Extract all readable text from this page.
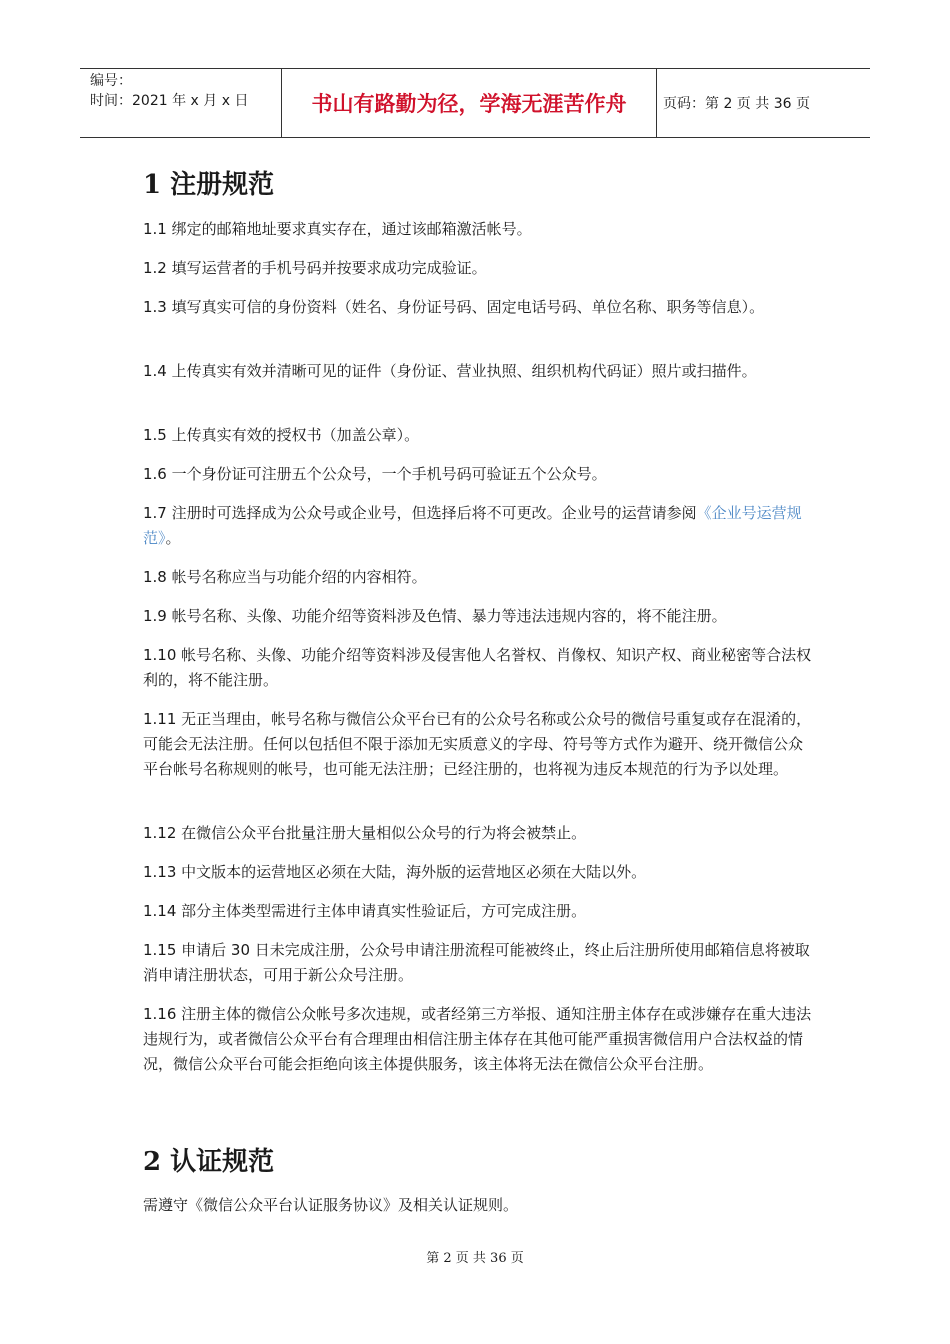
编号：
时间：2021 年 x 月 x 日	书山有路勤为径，学海无涯苦作舟	页码：第 2 页 共 36 页
1 注册规范
1.1 绑定的邮箱地址要求真实存在，通过该邮箱激活帐号。
1.2 填写运营者的手机号码并按要求成功完成验证。
1.3 填写真实可信的身份资料（姓名、身份证号码、固定电话号码、单位名称、职务等信息）。
1.4 上传真实有效并清晰可见的证件（身份证、营业执照、组织机构代码证）照片或扫描件。
1.5 上传真实有效的授权书（加盖公章）。
1.6 一个身份证可注册五个公众号，一个手机号码可验证五个公众号。
1.7 注册时可选择成为公众号或企业号，但选择后将不可更改。企业号的运营请参阅《企业号运营规范》。
1.8 帐号名称应当与功能介绍的内容相符。
1.9 帐号名称、头像、功能介绍等资料涉及色情、暴力等违法违规内容的，将不能注册。
1.10 帐号名称、头像、功能介绍等资料涉及侵害他人名誉权、肖像权、知识产权、商业秘密等合法权利的，将不能注册。
1.11 无正当理由，帐号名称与微信公众平台已有的公众号名称或公众号的微信号重复或存在混淆的，可能会无法注册。任何以包括但不限于添加无实质意义的字母、符号等方式作为避开、绕开微信公众平台帐号名称规则的帐号，也可能无法注册；已经注册的，也将视为违反本规范的行为予以处理。
1.12 在微信公众平台批量注册大量相似公众号的行为将会被禁止。
1.13 中文版本的运营地区必须在大陆，海外版的运营地区必须在大陆以外。
1.14 部分主体类型需进行主体申请真实性验证后，方可完成注册。
1.15 申请后 30 日未完成注册，公众号申请注册流程可能被终止，终止后注册所使用邮箱信息将被取消申请注册状态，可用于新公众号注册。
1.16 注册主体的微信公众帐号多次违规，或者经第三方举报、通知注册主体存在或涉嫌存在重大违法违规行为，或者微信公众平台有合理理由相信注册主体存在其他可能严重损害微信用户合法权益的情况，微信公众平台可能会拒绝向该主体提供服务，该主体将无法在微信公众平台注册。
2 认证规范
需遵守《微信公众平台认证服务协议》及相关认证规则。
第 2 页 共 36 页
